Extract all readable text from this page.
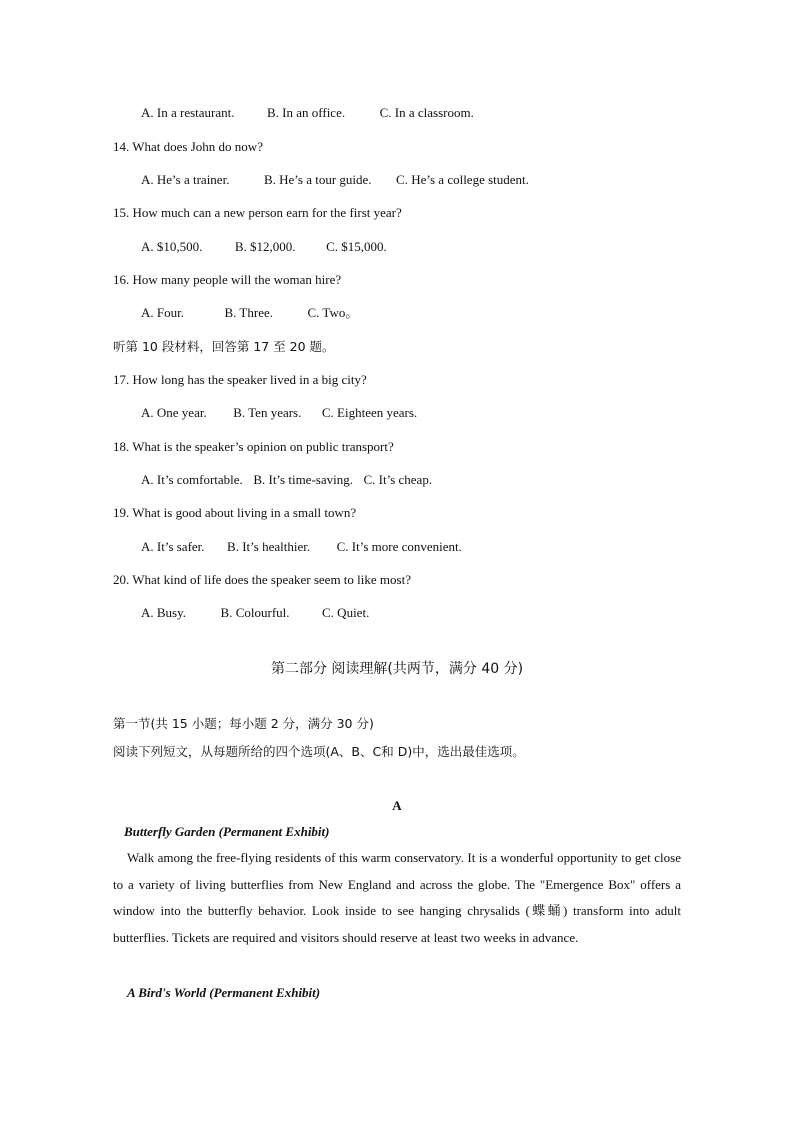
A. In a restaurant.	B. In an office.	C. In a classroom.
14. What does John do now?
A. He’s a trainer.	B. He’s a tour guide. C. He’s a college student.
15. How much can a new person earn for the first year?
A. $10,500.	B. $12,000. C. $15,000.
16. How many people will the woman hire?
A. Four.	B. Three.	C. Two。
听第 10 段材料，回答第 17 至 20 题。
17. How long has the speaker lived in a big city?
A. One year. B. Ten years. C. Eighteen years.
18. What is the speaker’s opinion on public transport?
A. It’s comfortable. B. It’s time-saving. C. It’s cheap.
19. What is good about living in a small town?
A. It’s safer. B. It’s healthier. C. It’s more convenient.
20. What kind of life does the speaker seem to like most?
A. Busy.	B. Colourful.	C. Quiet.
第二部分 阅读理解(共两节，满分 40 分)
第一节(共 15 小题；每小题 2 分，满分 30 分)
阅读下列短文，从每题所给的四个选项(A、B、C和 D)中，选出最佳选项。
A
Butterfly Garden (Permanent Exhibit)
Walk among the free-flying residents of this warm conservatory. It is a wonderful opportunity to get close to a variety of living butterflies from New England and across the globe. The "Emergence Box" offers a window into the butterfly behavior. Look inside to see hanging chrysalids (蝶蛹) transform into adult butterflies. Tickets are required and visitors should reserve at least two weeks in advance.
A Bird's World (Permanent Exhibit)
